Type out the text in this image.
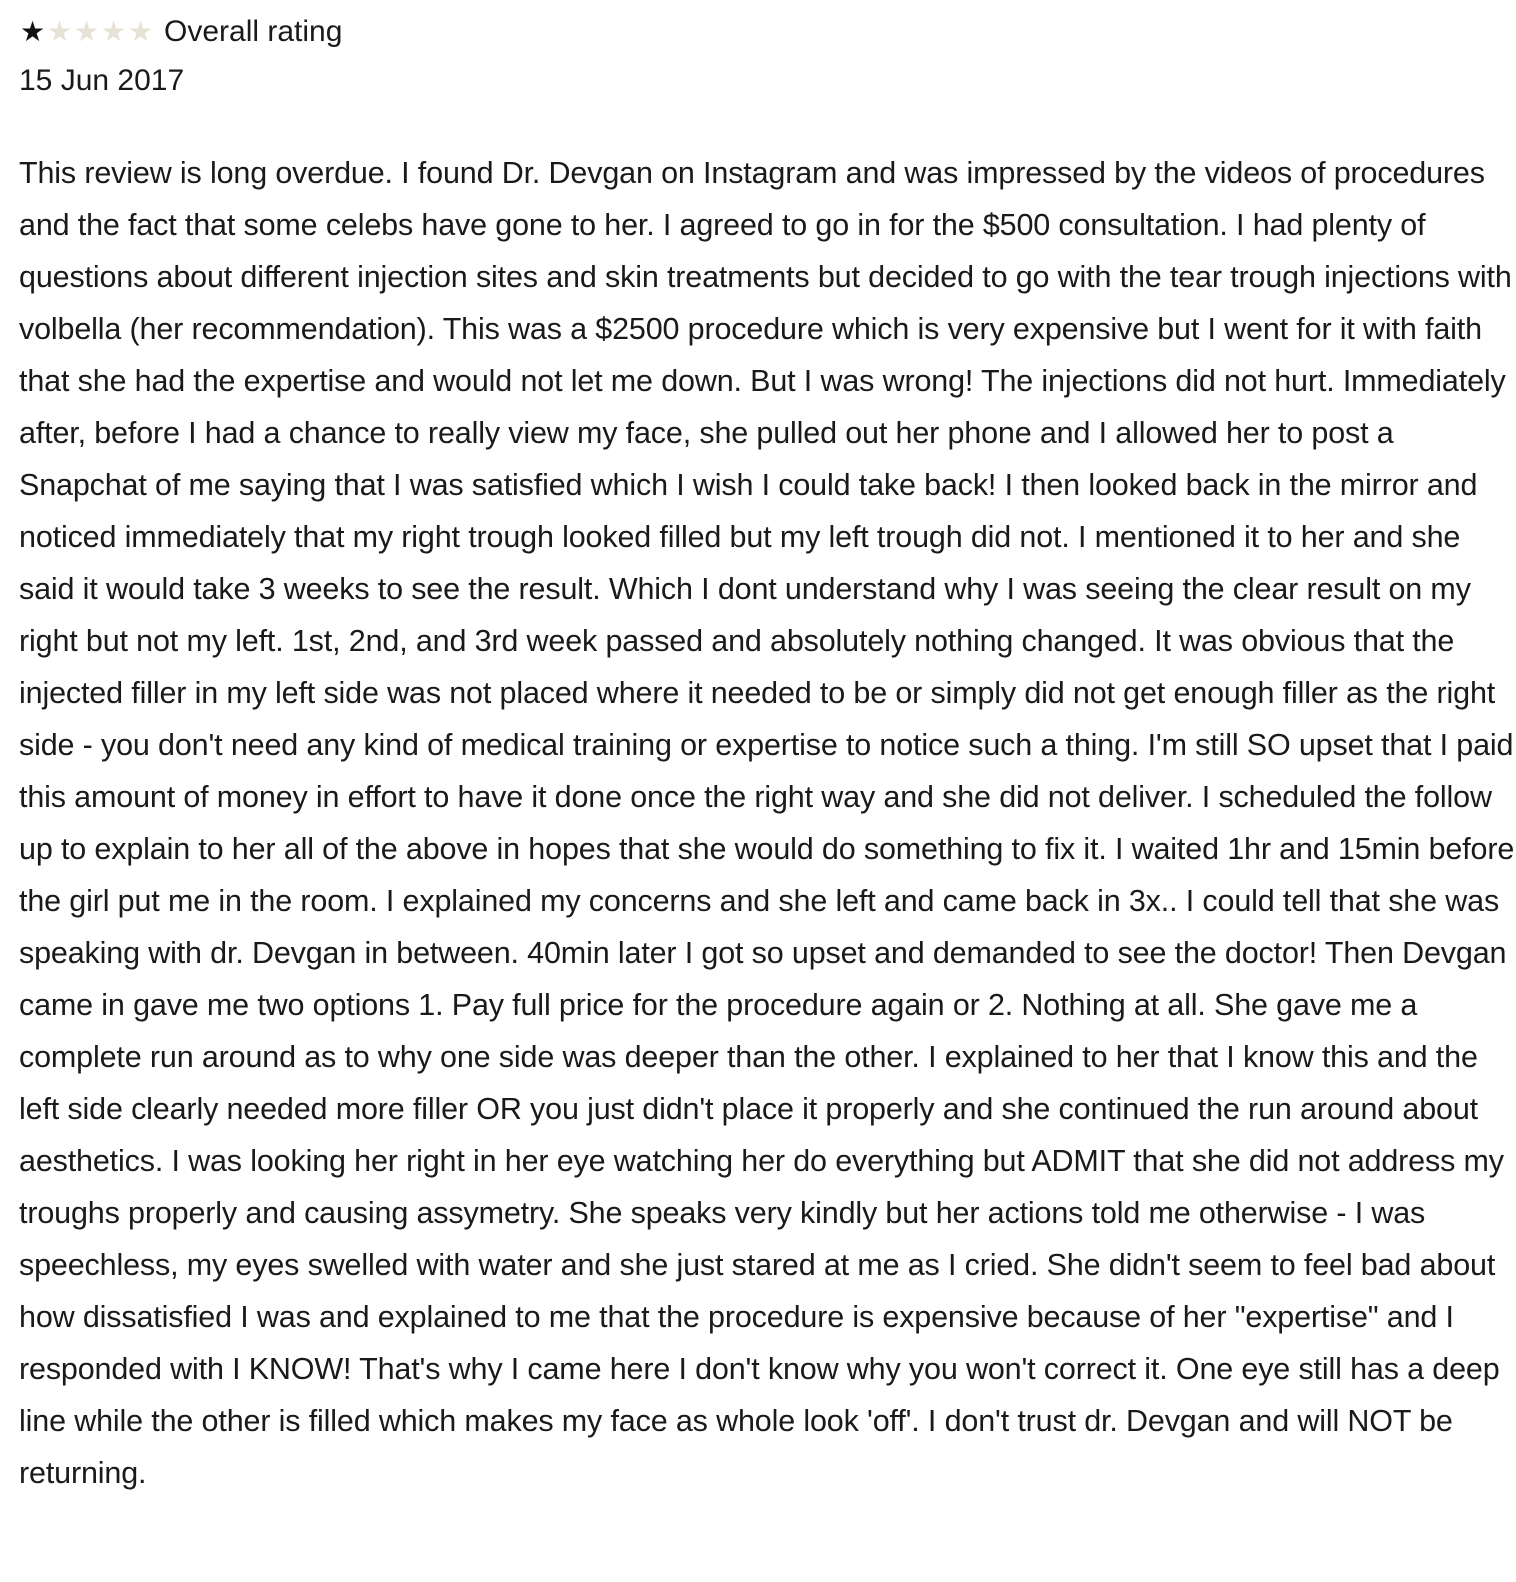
★ ★ ★ ★ ★ Overall rating
15 Jun 2017
This review is long overdue. I found Dr. Devgan on Instagram and was impressed by the videos of procedures and the fact that some celebs have gone to her. I agreed to go in for the $500 consultation. I had plenty of questions about different injection sites and skin treatments but decided to go with the tear trough injections with volbella (her recommendation). This was a $2500 procedure which is very expensive but I went for it with faith that she had the expertise and would not let me down. But I was wrong! The injections did not hurt. Immediately after, before I had a chance to really view my face, she pulled out her phone and I allowed her to post a Snapchat of me saying that I was satisfied which I wish I could take back! I then looked back in the mirror and noticed immediately that my right trough looked filled but my left trough did not. I mentioned it to her and she said it would take 3 weeks to see the result. Which I dont understand why I was seeing the clear result on my right but not my left. 1st, 2nd, and 3rd week passed and absolutely nothing changed. It was obvious that the injected filler in my left side was not placed where it needed to be or simply did not get enough filler as the right side - you don't need any kind of medical training or expertise to notice such a thing. I'm still SO upset that I paid this amount of money in effort to have it done once the right way and she did not deliver. I scheduled the follow up to explain to her all of the above in hopes that she would do something to fix it. I waited 1hr and 15min before the girl put me in the room. I explained my concerns and she left and came back in 3x.. I could tell that she was speaking with dr. Devgan in between. 40min later I got so upset and demanded to see the doctor! Then Devgan came in gave me two options 1. Pay full price for the procedure again or 2. Nothing at all. She gave me a complete run around as to why one side was deeper than the other. I explained to her that I know this and the left side clearly needed more filler OR you just didn't place it properly and she continued the run around about aesthetics. I was looking her right in her eye watching her do everything but ADMIT that she did not address my troughs properly and causing assymetry. She speaks very kindly but her actions told me otherwise - I was speechless, my eyes swelled with water and she just stared at me as I cried. She didn't seem to feel bad about how dissatisfied I was and explained to me that the procedure is expensive because of her "expertise" and I responded with I KNOW! That's why I came here I don't know why you won't correct it. One eye still has a deep line while the other is filled which makes my face as whole look 'off'. I don't trust dr. Devgan and will NOT be returning.
